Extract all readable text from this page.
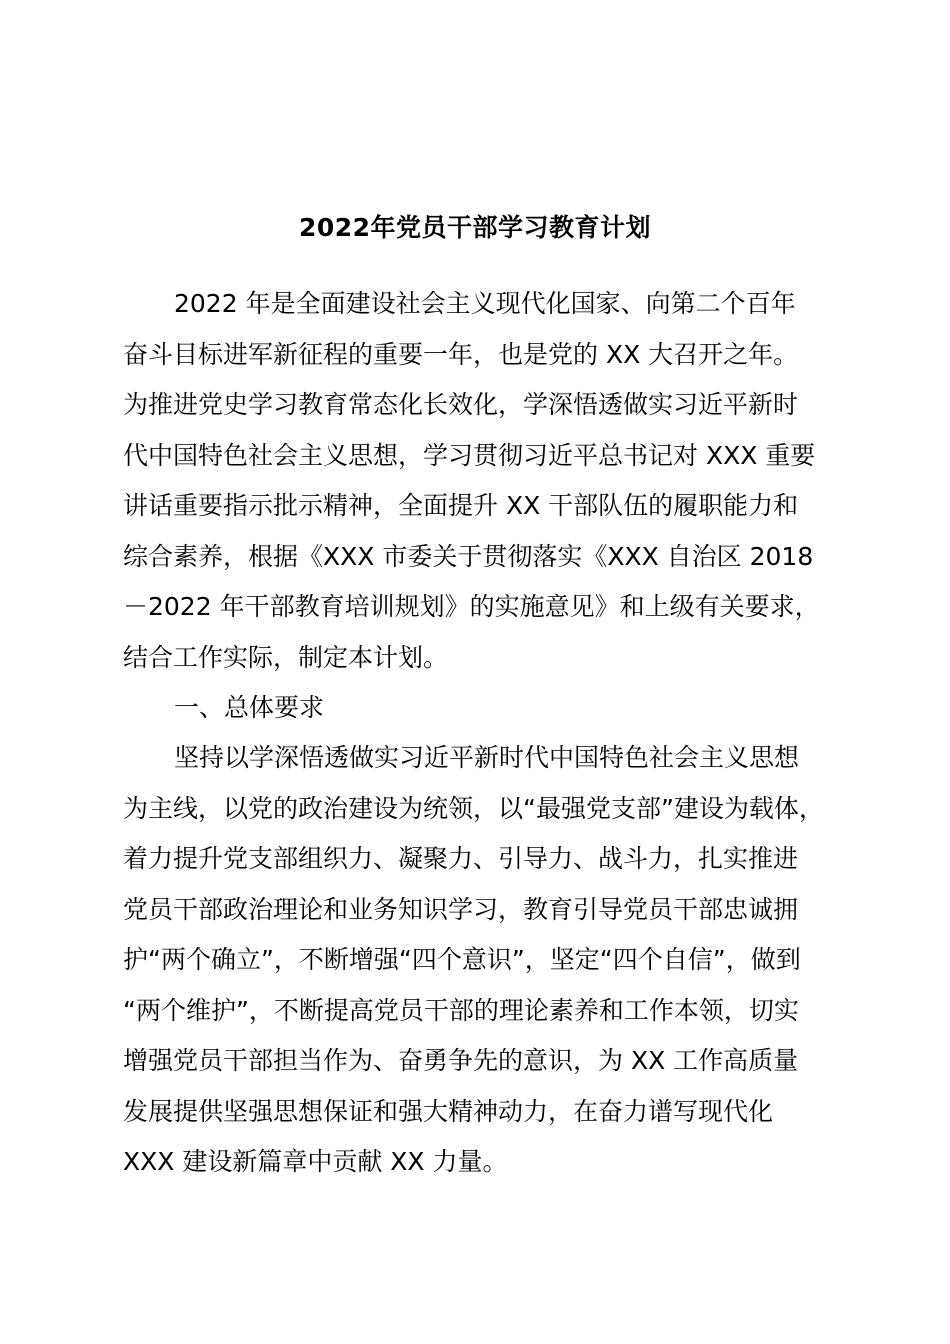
2022年党员干部学习教育计划
2022 年是全面建设社会主义现代化国家、向第二个百年
奋斗目标进军新征程的重要一年，也是党的 XX 大召开之年。
为推进党史学习教育常态化长效化，学深悟透做实习近平新时
代中国特色社会主义思想，学习贯彻习近平总书记对 XXX 重要
讲话重要指示批示精神，全面提升 XX 干部队伍的履职能力和
综合素养，根据《XXX 市委关于贯彻落实《XXX 自治区 2018
－2022 年干部教育培训规划》的实施意见》和上级有关要求，
结合工作实际，制定本计划。
一、总体要求
坚持以学深悟透做实习近平新时代中国特色社会主义思想
为主线，以党的政治建设为统领，以“最强党支部”建设为载体，
着力提升党支部组织力、凝聚力、引导力、战斗力，扎实推进
党员干部政治理论和业务知识学习，教育引导党员干部忠诚拥
护“两个确立”，不断增强“四个意识”，坚定“四个自信”，做到
“两个维护”，不断提高党员干部的理论素养和工作本领，切实
增强党员干部担当作为、奋勇争先的意识，为 XX 工作高质量
发展提供坚强思想保证和强大精神动力，在奋力谱写现代化
XXX 建设新篇章中贡献 XX 力量。
